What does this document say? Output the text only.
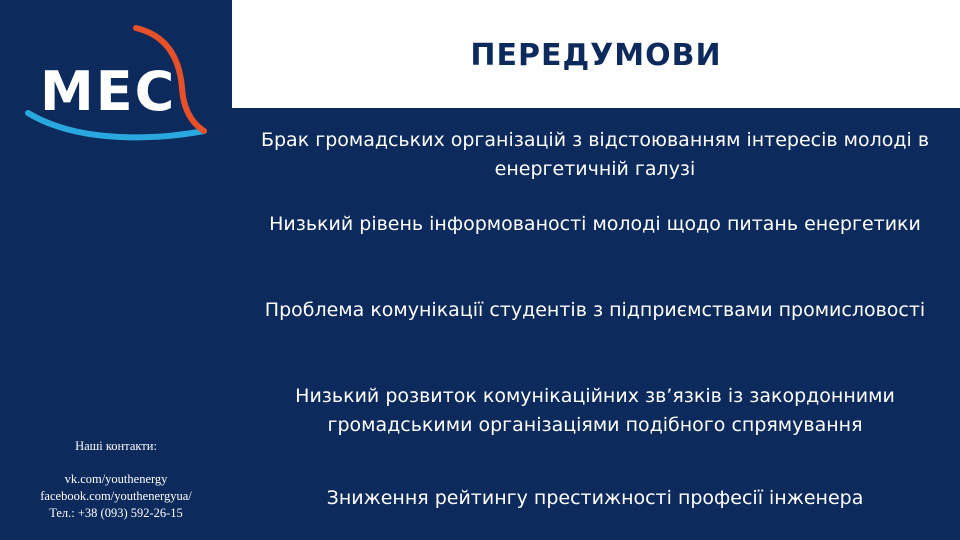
ПЕРЕДУМОВИ
MEC
Брак громадських організацій з відстоюванням інтересів молоді в енергетичній галузі
Низький рівень інформованості молоді щодо питань енергетики
Проблема комунікації студентів з підприємствами промисловості
Низький розвиток комунікаційних зв’язків із закордонними громадськими організаціями подібного спрямування
Зниження рейтингу престижності професії інженера
Наші контакти:
vk.com/youthenergy
facebook.com/youthenergyua/
Тел.: +38 (093) 592-26-15
